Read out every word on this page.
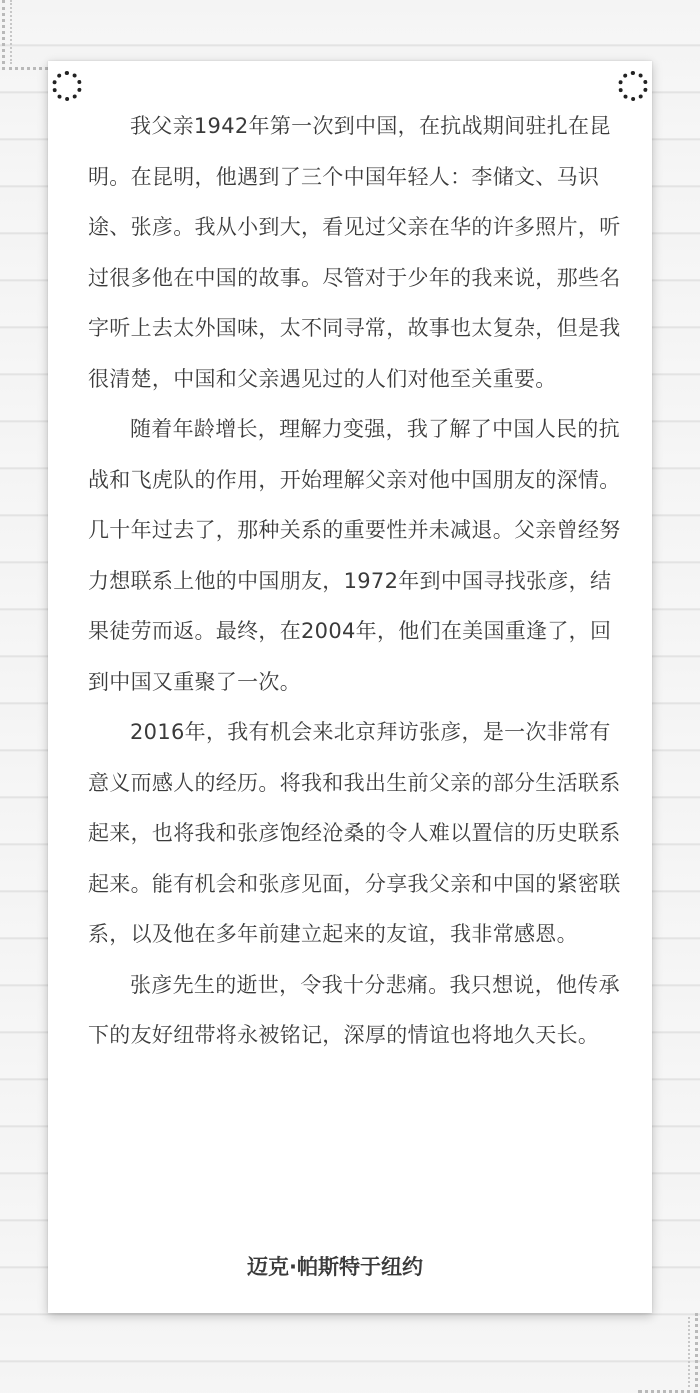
我父亲1942年第一次到中国，在抗战期间驻扎在昆明。在昆明，他遇到了三个中国年轻人：李储文、马识途、张彦。我从小到大，看见过父亲在华的许多照片，听过很多他在中国的故事。尽管对于少年的我来说，那些名字听上去太外国味，太不同寻常，故事也太复杂，但是我很清楚，中国和父亲遇见过的人们对他至关重要。

随着年龄增长，理解力变强，我了解了中国人民的抗战和飞虎队的作用，开始理解父亲对他中国朋友的深情。几十年过去了，那种关系的重要性并未减退。父亲曾经努力想联系上他的中国朋友，1972年到中国寻找张彦，结果徒劳而返。最终，在2004年，他们在美国重逢了，回到中国又重聚了一次。

2016年，我有机会来北京拜访张彦，是一次非常有意义而感人的经历。将我和我出生前父亲的部分生活联系起来，也将我和张彦饱经沧桑的令人难以置信的历史联系起来。能有机会和张彦见面，分享我父亲和中国的紧密联系，以及他在多年前建立起来的友谊，我非常感恩。

张彦先生的逝世，令我十分悲痛。我只想说，他传承下的友好纽带将永被铭记，深厚的情谊也将地久天长。

迈克·帕斯特于纽约
